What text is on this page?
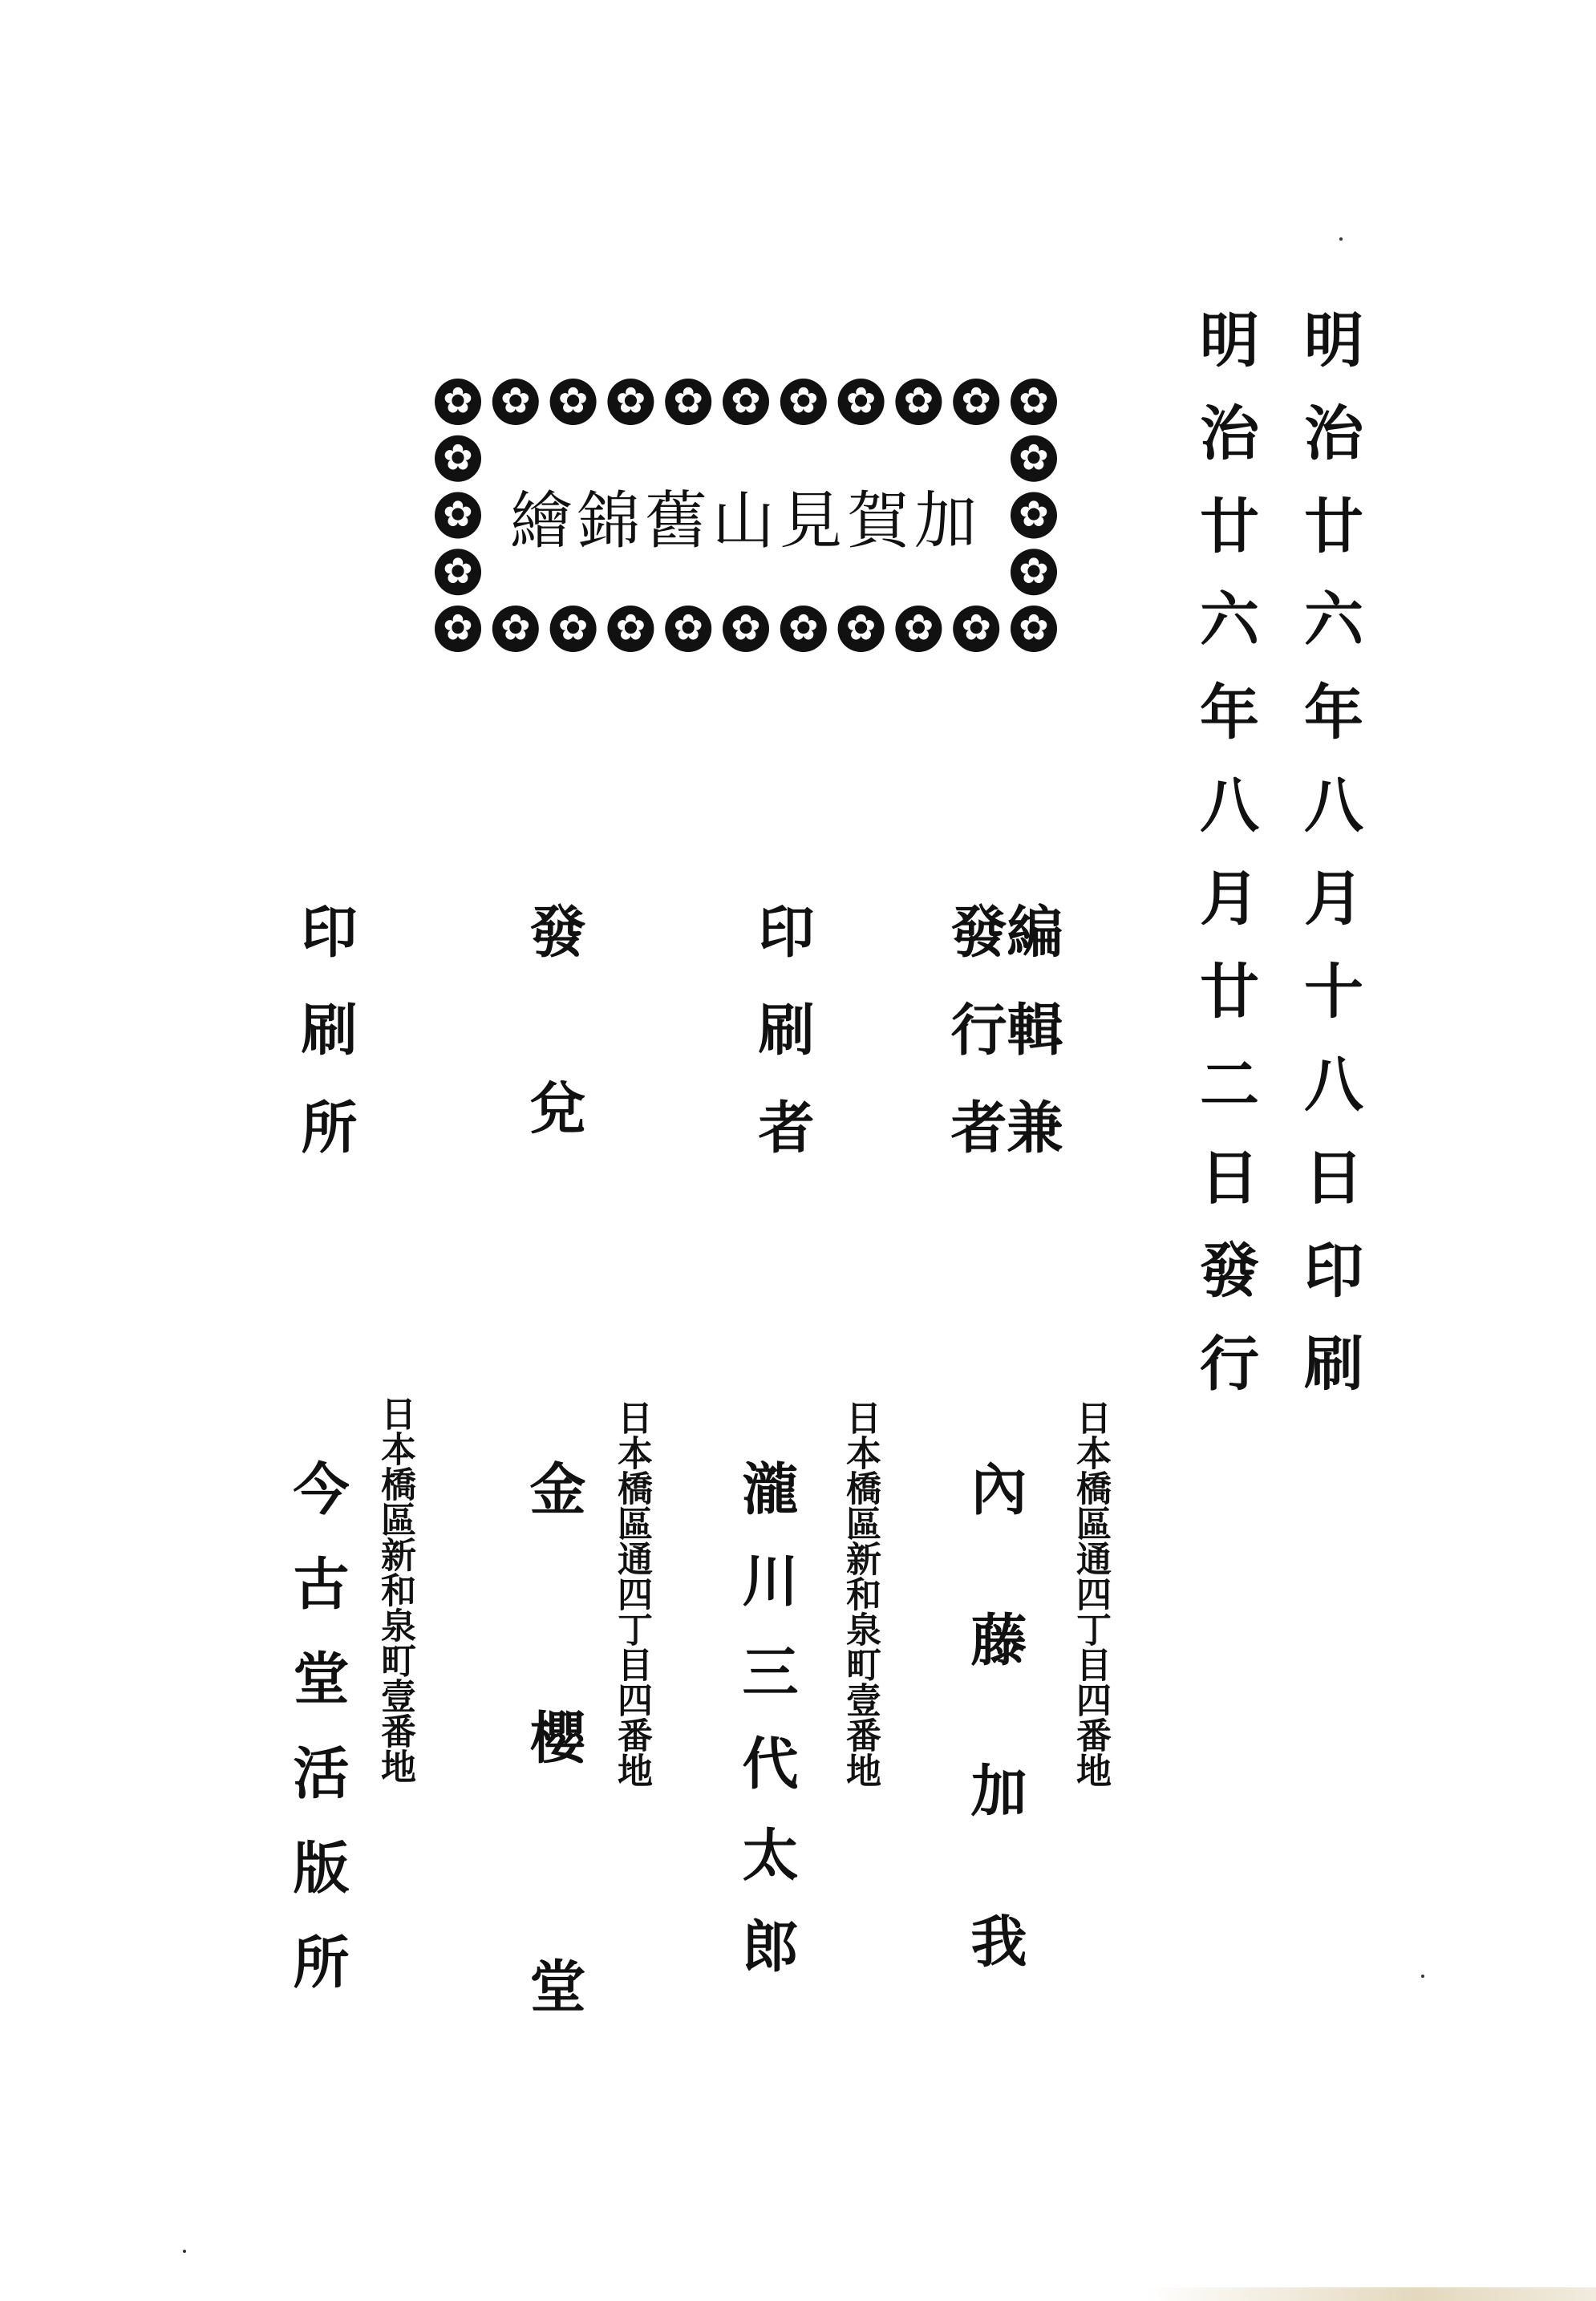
明治廿六年八月十八日印刷
明治廿六年八月廿二日發行
✿
✿
✿
✿
✿
✿
✿
✿
✿
✿
✿
✿
✿
✿
✿
✿
✿
✿
✿
✿
✿
✿
✿	✿
✿	✿
✿	✿
加賀見山舊錦繪
編輯兼
發行者
日本橋區通四丁目四番地
內藤加我
印刷者
日本橋區新和泉町壹番地
瀧川三代太郎
發兌
日本橋區通四丁目四番地
金櫻堂
印刷所
日本橋區新和泉町壹番地
今古堂活版所
